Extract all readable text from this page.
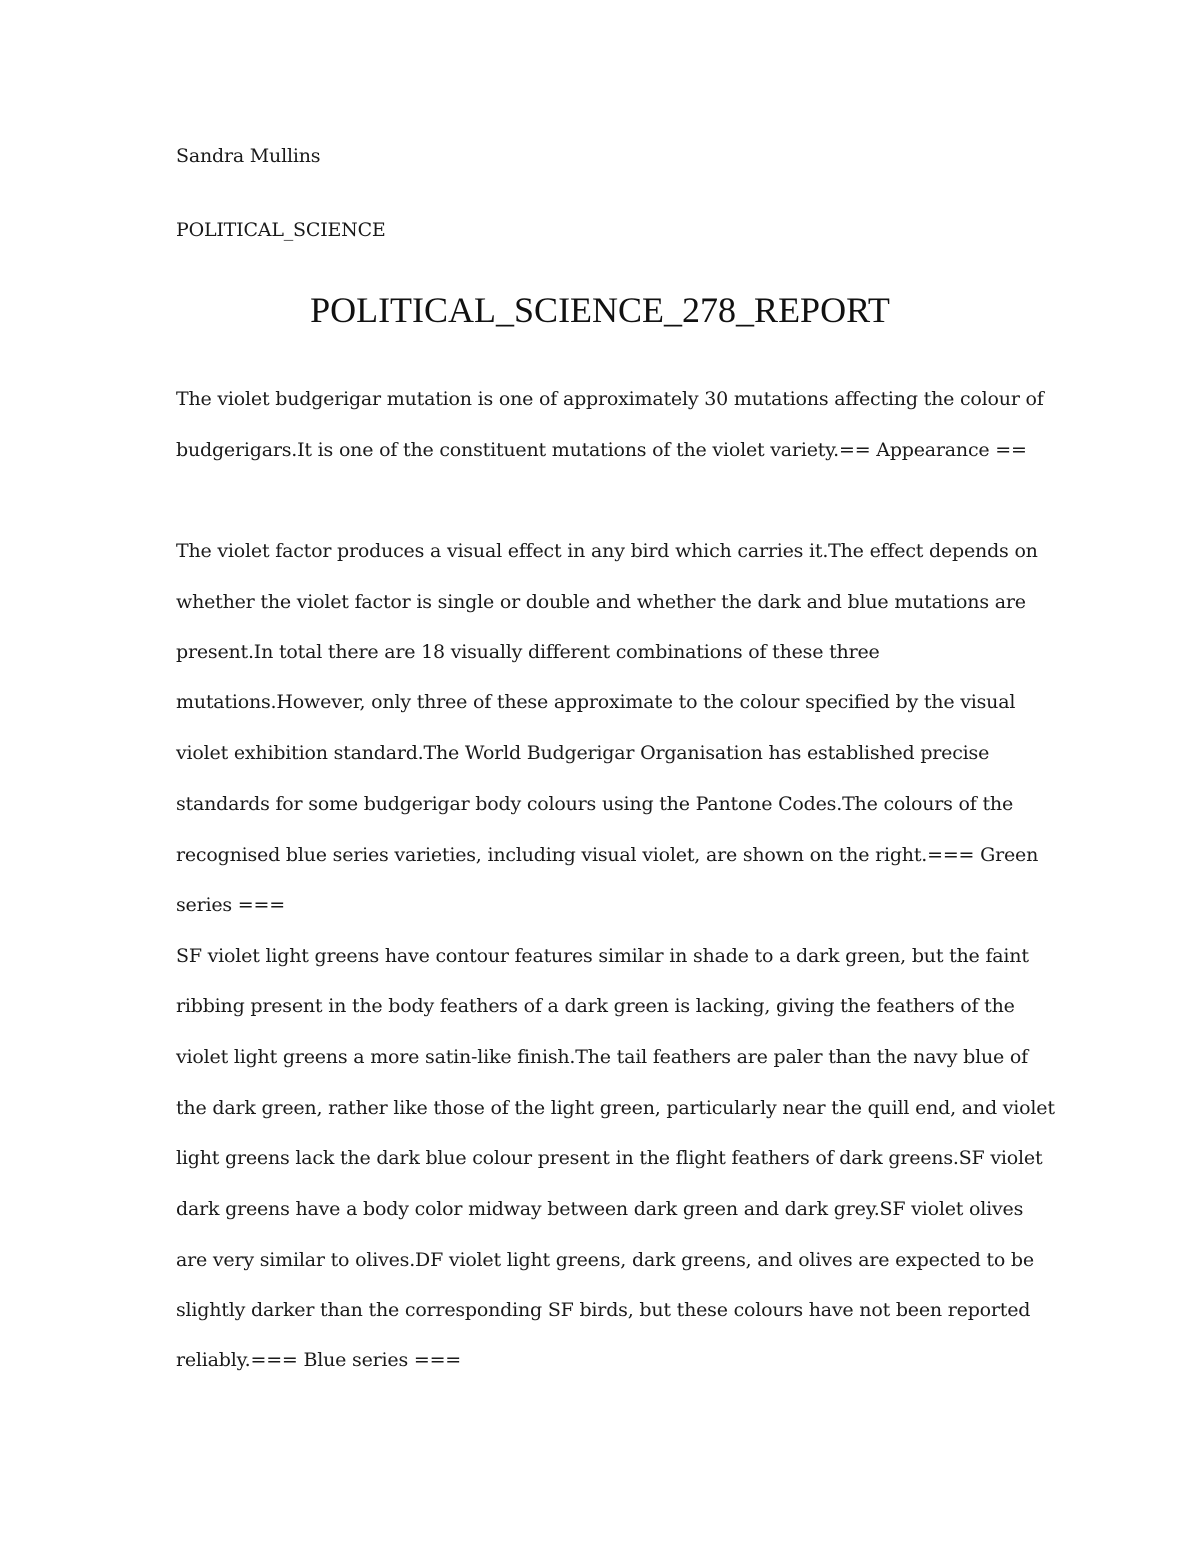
Sandra Mullins
POLITICAL_SCIENCE
POLITICAL_SCIENCE_278_REPORT
The violet budgerigar mutation is one of approximately 30 mutations affecting the colour of
budgerigars.It is one of the constituent mutations of the violet variety.== Appearance ==
The violet factor produces a visual effect in any bird which carries it.The effect depends on
whether the violet factor is single or double and whether the dark and blue mutations are
present.In total there are 18 visually different combinations of these three
mutations.However, only three of these approximate to the colour specified by the visual
violet exhibition standard.The World Budgerigar Organisation has established precise
standards for some budgerigar body colours using the Pantone Codes.The colours of the
recognised blue series varieties, including visual violet, are shown on the right.=== Green
series ===
SF violet light greens have contour features similar in shade to a dark green, but the faint
ribbing present in the body feathers of a dark green is lacking, giving the feathers of the
violet light greens a more satin-like finish.The tail feathers are paler than the navy blue of
the dark green, rather like those of the light green, particularly near the quill end, and violet
light greens lack the dark blue colour present in the flight feathers of dark greens.SF violet
dark greens have a body color midway between dark green and dark grey.SF violet olives
are very similar to olives.DF violet light greens, dark greens, and olives are expected to be
slightly darker than the corresponding SF birds, but these colours have not been reported
reliably.=== Blue series ===
